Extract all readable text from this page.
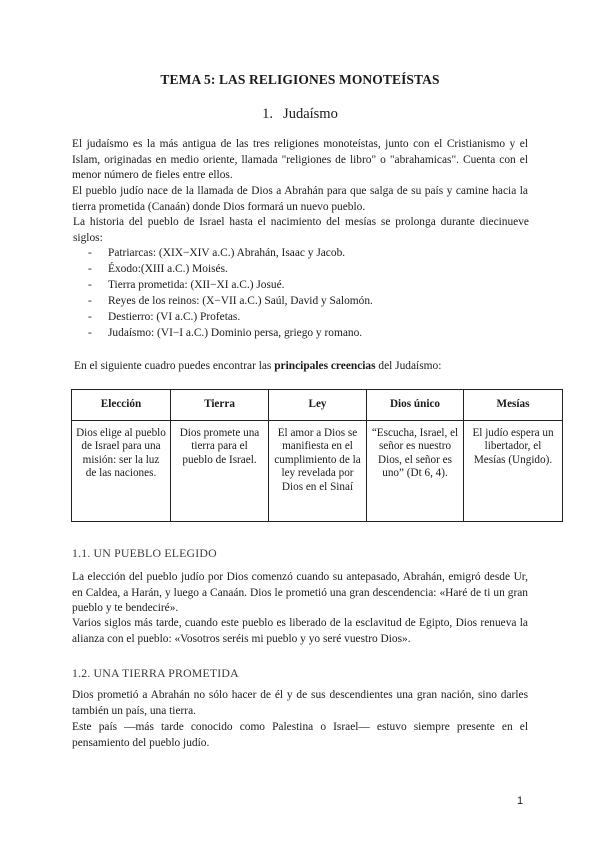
TEMA 5: LAS RELIGIONES MONOTEÍSTAS
1. Judaísmo

El judaísmo es la más antigua de las tres religiones monoteístas, junto con el Cristianismo y el Islam, originadas en medio oriente, llamada "religiones de libro" o "abrahamicas". Cuenta con el menor número de fieles entre ellos.

El pueblo judío nace de la llamada de Dios a Abrahán para que salga de su país y camine hacia la tierra prometida (Canaán) donde Dios formará un nuevo pueblo.

La historia del pueblo de Israel hasta el nacimiento del mesías se prolonga durante diecinueve siglos:

- Patriarcas: (XIX−XIV a.C.) Abrahán, Isaac y Jacob.
- Éxodo:(XIII a.C.) Moisés.
- Tierra prometida: (XII−XI a.C.) Josué.
- Reyes de los reinos: (X−VII a.C.) Saúl, David y Salomón.
- Destierro: (VI a.C.) Profetas.
- Judaísmo: (VI−I a.C.) Dominio persa, griego y romano.

En el siguiente cuadro puedes encontrar las principales creencias del Judaísmo:

Elección	Tierra	Ley	Dios único	Mesías
Dios elige al pueblo de Israel para una misión: ser la luz de las naciones.	Dios promete una tierra para el pueblo de Israel.	El amor a Dios se manifiesta en el cumplimiento de la ley revelada por Dios en el Sinaí	“Escucha, Israel, el señor es nuestro Dios, el señor es uno” (Dt 6, 4).	El judío espera un libertador, el Mesías (Ungido).
1.1. UN PUEBLO ELEGIDO

La elección del pueblo judío por Dios comenzó cuando su antepasado, Abrahán, emigró desde Ur, en Caldea, a Harán, y luego a Canaán. Dios le prometió una gran descendencia: «Haré de ti un gran pueblo y te bendeciré».

Varios siglos más tarde, cuando este pueblo es liberado de la esclavitud de Egipto, Dios renueva la alianza con el pueblo: «Vosotros seréis mi pueblo y yo seré vuestro Dios».

1.2. UNA TIERRA PROMETIDA

Dios prometió a Abrahán no sólo hacer de él y de sus descendientes una gran nación, sino darles también un país, una tierra.

Este país —más tarde conocido como Palestina o Israel— estuvo siempre presente en el pensamiento del pueblo judío.

1
